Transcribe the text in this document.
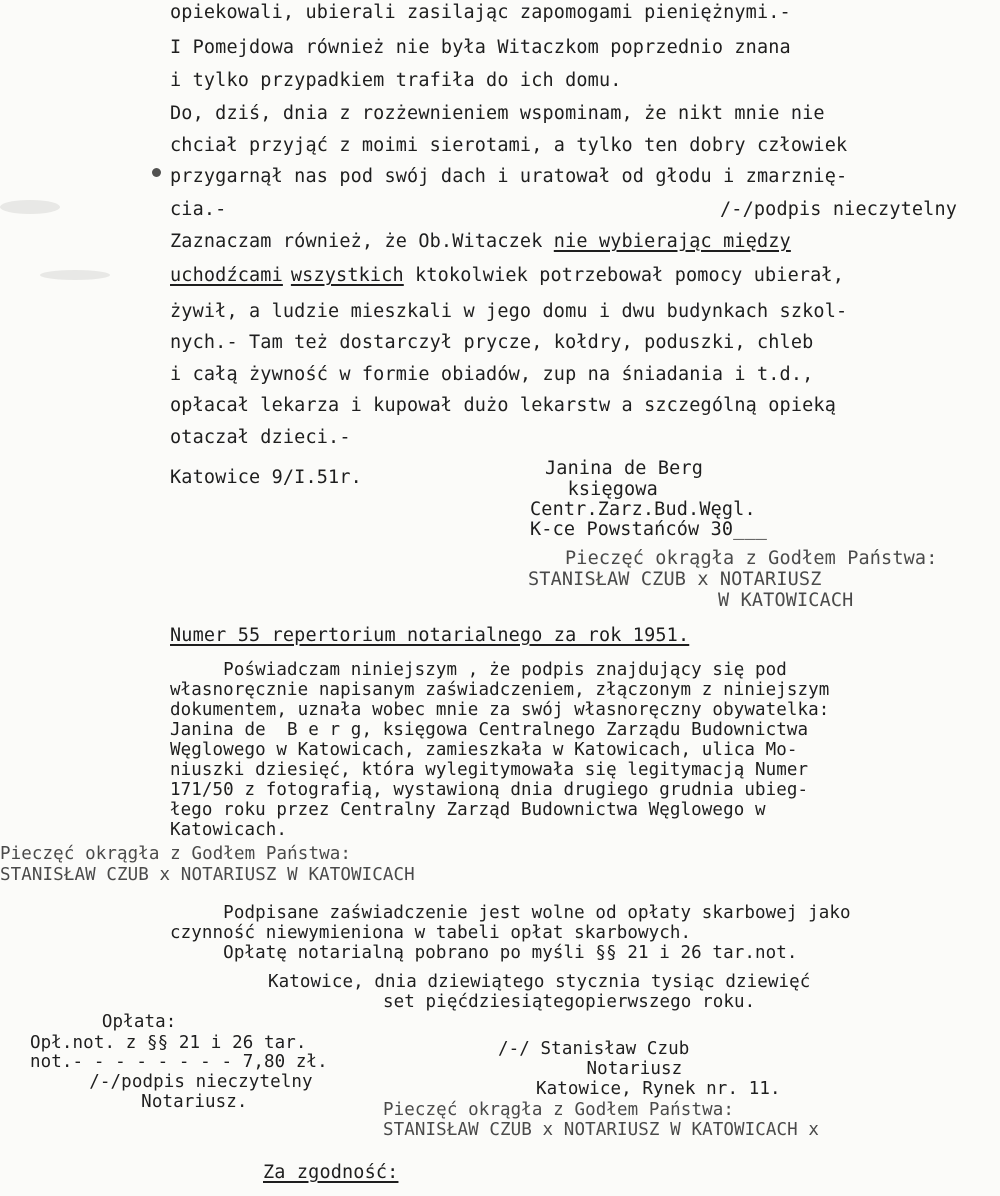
opiekowali, ubierali zasilając zapomogami pieniężnymi.-
I Pomejdowa również nie była Witaczkom poprzednio znana
i tylko przypadkiem trafiła do ich domu.
Do, dziś, dnia z rozżewnieniem wspominam, że nikt mnie nie
chciał przyjąć z moimi sierotami, a tylko ten dobry człowiek
przygarnął nas pod swój dach i uratował od głodu i zmarznię-
cia.-	/-/podpis nieczytelny
Zaznaczam również, że Ob.Witaczek nie wybierając między
uchodźcami wszystkich ktokolwiek potrzebował pomocy ubierał,
żywił, a ludzie mieszkali w jego domu i dwu budynkach szkol-
nych.- Tam też dostarczył prycze, kołdry, poduszki, chleb
i całą żywność w formie obiadów, zup na śniadania i t.d.,
opłacał lekarza i kupował dużo lekarstw a szczególną opieką
otaczał dzieci.-
Katowice 9/I.51r.	Janina de Berg
księgowa
Centr.Zarz.Bud.Węgl.
K-ce Powstańców 30___
Pieczęć okrągła z Godłem Państwa:
STANISŁAW CZUB x NOTARIUSZ
W KATOWICACH
Numer 55 repertorium notarialnego za rok 1951.
Poświadczam niniejszym , że podpis znajdujący się pod
własnoręcznie napisanym zaświadczeniem, złączonym z niniejszym
dokumentem, uznała wobec mnie za swój własnoręczny obywatelka:
Janina de  B e r g, księgowa Centralnego Zarządu Budownictwa
Węglowego w Katowicach, zamieszkała w Katowicach, ulica Mo-
niuszki dziesięć, która wylegitymowała się legitymacją Numer
171/50 z fotografią, wystawioną dnia drugiego grudnia ubieg-
łego roku przez Centralny Zarząd Budownictwa Węglowego w
Katowicach.
Pieczęć okrągła z Godłem Państwa:
STANISŁAW CZUB x NOTARIUSZ W KATOWICACH
Podpisane zaświadczenie jest wolne od opłaty skarbowej jako
czynność niewymieniona w tabeli opłat skarbowych.
Opłatę notarialną pobrano po myśli §§ 21 i 26 tar.not.
Katowice, dnia dziewiątego stycznia tysiąc dziewięć
set pięćdziesiątegopierwszego roku.
Opłata:
Opł.not. z §§ 21 i 26 tar.
not.- - - - - - - - 7,80 zł.
/-/podpis nieczytelny
Notariusz.
/-/ Stanisław Czub
Notariusz
Katowice, Rynek nr. 11.
Pieczęć okrągła z Godłem Państwa:
STANISŁAW CZUB x NOTARIUSZ W KATOWICACH x
Za zgodność:
